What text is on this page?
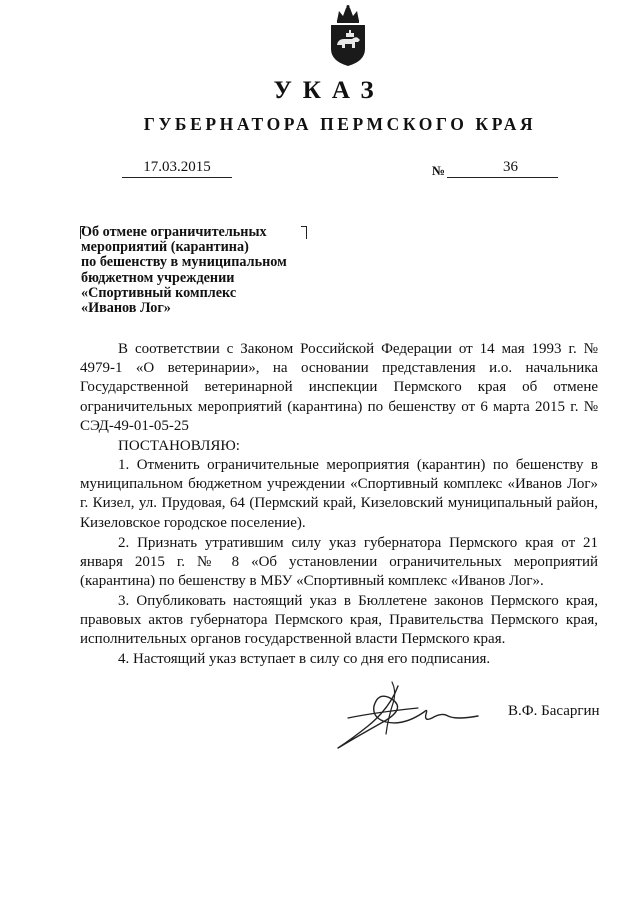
УКАЗ
ГУБЕРНАТОРА ПЕРМСКОГО КРАЯ
17.03.2015	№	36
Об отмене ограничительных
мероприятий (карантина)
по бешенству в муниципальном
бюджетном учреждении
«Спортивный комплекс
«Иванов Лог»
В соответствии с Законом Российской Федерации от 14 мая 1993 г. № 4979-1 «О ветеринарии», на основании представления и.о. начальника Государственной ветеринарной инспекции Пермского края об отмене ограничительных мероприятий (карантина) по бешенству от 6 марта 2015 г. № СЭД-49-01-05-25
ПОСТАНОВЛЯЮ:
1. Отменить ограничительные мероприятия (карантин) по бешенству в муниципальном бюджетном учреждении «Спортивный комплекс «Иванов Лог» г. Кизел, ул. Прудовая, 64 (Пермский край, Кизеловский муниципальный район, Кизеловское городское поселение).
2. Признать утратившим силу указ губернатора Пермского края от 21 января 2015 г. № 8 «Об установлении ограничительных мероприятий (карантина) по бешенству в МБУ «Спортивный комплекс «Иванов Лог».
3. Опубликовать настоящий указ в Бюллетене законов Пермского края, правовых актов губернатора Пермского края, Правительства Пермского края, исполнительных органов государственной власти Пермского края.
4. Настоящий указ вступает в силу со дня его подписания.
В.Ф. Басаргин
